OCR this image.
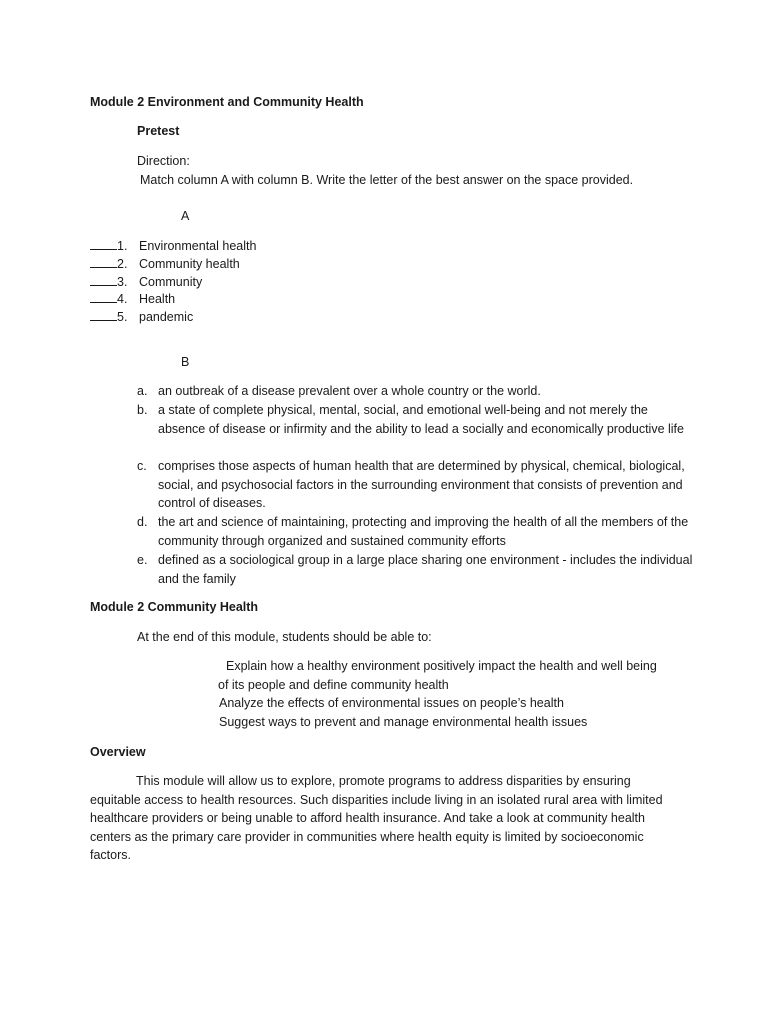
Module 2 Environment and Community Health
Pretest
Direction:
Match column A with column B. Write the letter of the best answer on the space provided.
A
1. Environmental health
2. Community health
3. Community
4. Health
5. pandemic
B
a. an outbreak of a disease prevalent over a whole country or the world.
b. a state of complete physical, mental, social, and emotional well-being and not merely the absence of disease or infirmity and the ability to lead a socially and economically productive life
c. comprises those aspects of human health that are determined by physical, chemical, biological, social, and psychosocial factors in the surrounding environment that consists of prevention and control of diseases.
d. the art and science of maintaining, protecting and improving the health of all the members of the community through organized and sustained community efforts
e. defined as a sociological group in a large place sharing one environment - includes the individual and the family
Module 2 Community Health
At the end of this module, students should be able to:
Explain how a healthy environment positively impact the health and well being
of its people and define community health
Analyze the effects of environmental issues on people’s health
Suggest ways to prevent and manage environmental health issues
Overview
This module will allow us to explore, promote programs to address disparities by ensuring equitable access to health resources. Such disparities include living in an isolated rural area with limited healthcare providers or being unable to afford health insurance. And take a look at community health centers as the primary care provider in communities where health equity is limited by socioeconomic factors.
